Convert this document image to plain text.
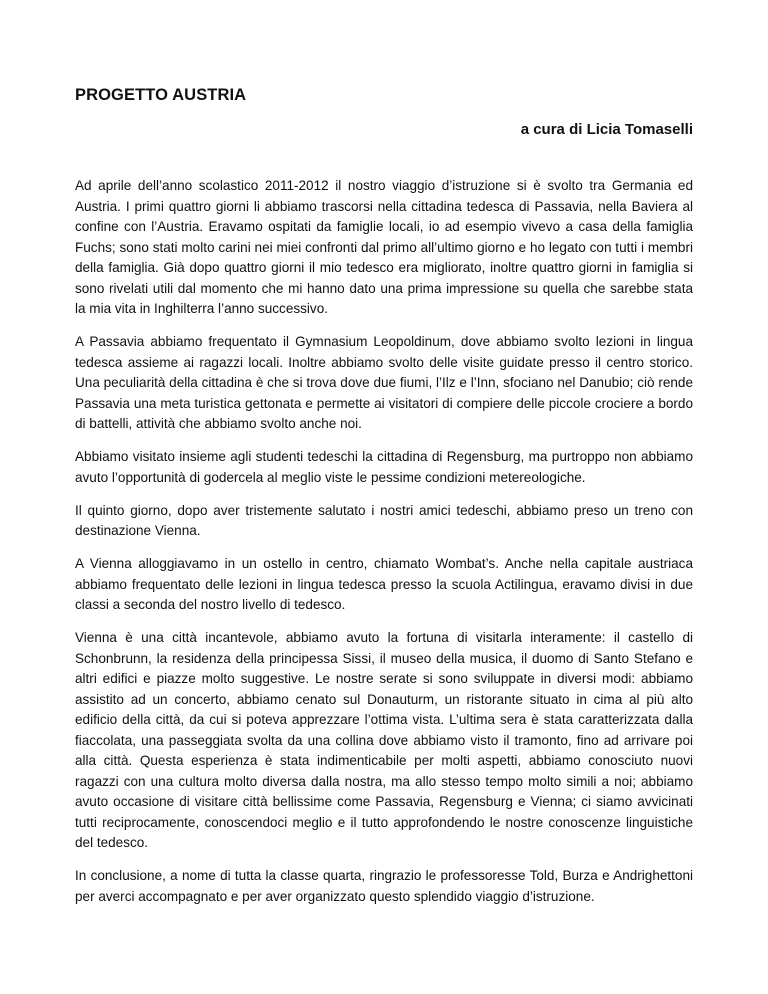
PROGETTO AUSTRIA

a cura di Licia Tomaselli

Ad aprile dell’anno scolastico 2011-2012 il nostro viaggio d’istruzione si è svolto tra Germania ed Austria. I primi quattro giorni li abbiamo trascorsi nella cittadina tedesca di Passavia, nella Baviera al confine con l’Austria. Eravamo ospitati da famiglie locali, io ad esempio vivevo a casa della famiglia Fuchs; sono stati molto carini nei miei confronti dal primo all’ultimo giorno e ho legato con tutti i membri della famiglia. Già dopo quattro giorni il mio tedesco era migliorato, inoltre quattro giorni in famiglia si sono rivelati utili dal momento che mi hanno dato una prima impressione su quella che sarebbe stata la mia vita in Inghilterra l’anno successivo.

A Passavia abbiamo frequentato il Gymnasium Leopoldinum, dove abbiamo svolto lezioni in lingua tedesca assieme ai ragazzi locali. Inoltre abbiamo svolto delle visite guidate presso il centro storico. Una peculiarità della cittadina è che si trova dove due fiumi, l’Ilz e l’Inn, sfociano nel Danubio; ciò rende Passavia una meta turistica gettonata e permette ai visitatori di compiere delle piccole crociere a bordo di battelli, attività che abbiamo svolto anche noi.

Abbiamo visitato insieme agli studenti tedeschi la cittadina di Regensburg, ma purtroppo non abbiamo avuto l’opportunità di godercela al meglio viste le pessime condizioni metereologiche.

Il quinto giorno, dopo aver tristemente salutato i nostri amici tedeschi, abbiamo preso un treno con destinazione Vienna.

A Vienna alloggiavamo in un ostello in centro, chiamato Wombat’s. Anche nella capitale austriaca abbiamo frequentato delle lezioni in lingua tedesca presso la scuola Actilingua, eravamo divisi in due classi a seconda del nostro livello di tedesco.

Vienna è una città incantevole, abbiamo avuto la fortuna di visitarla interamente: il castello di Schonbrunn, la residenza della principessa Sissi, il museo della musica, il duomo di Santo Stefano e altri edifici e piazze molto suggestive. Le nostre serate si sono sviluppate in diversi modi: abbiamo assistito ad un concerto, abbiamo cenato sul Donauturm, un ristorante situato in cima al più alto edificio della città, da cui si poteva apprezzare l’ottima vista. L’ultima sera è stata caratterizzata dalla fiaccolata, una passeggiata svolta da una collina dove abbiamo visto il tramonto, fino ad arrivare poi alla città. Questa esperienza è stata indimenticabile per molti aspetti, abbiamo conosciuto nuovi ragazzi con una cultura molto diversa dalla nostra, ma allo stesso tempo molto simili a noi; abbiamo avuto occasione di visitare città bellissime come Passavia, Regensburg e Vienna; ci siamo avvicinati tutti reciprocamente, conoscendoci meglio e il tutto approfondendo le nostre conoscenze linguistiche del tedesco.

In conclusione, a nome di tutta la classe quarta, ringrazio le professoresse Told, Burza e Andrighettoni per averci accompagnato e per aver organizzato questo splendido viaggio d’istruzione.
